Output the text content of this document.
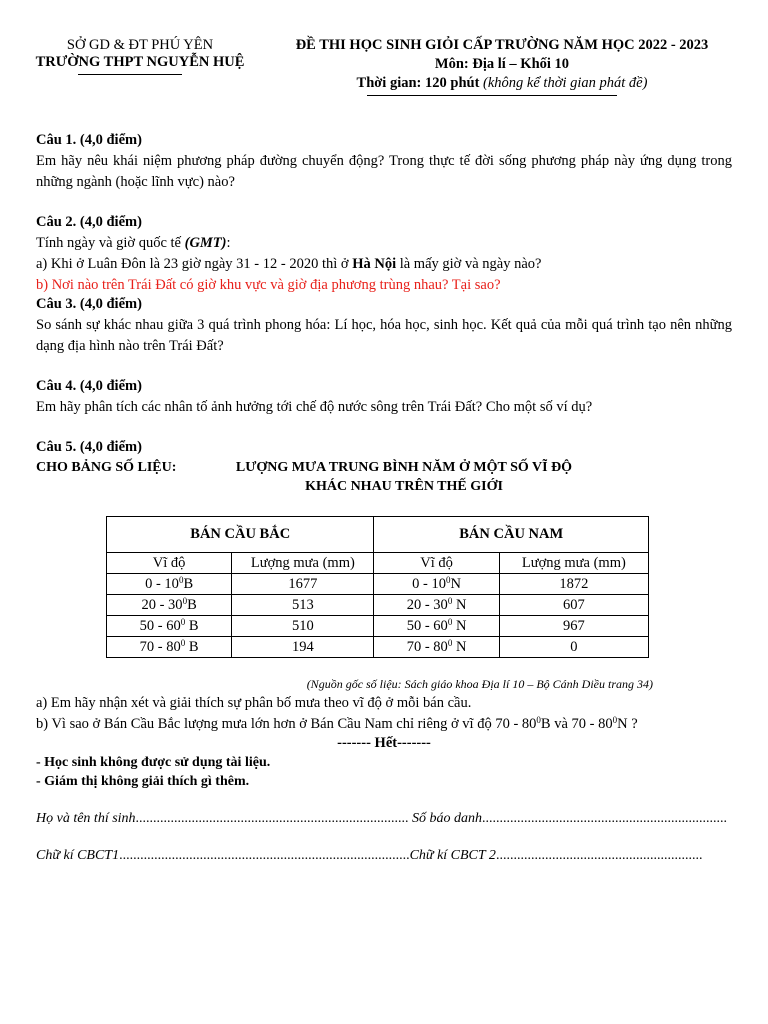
SỞ GD & ĐT PHÚ YÊN

TRƯỜNG THPT NGUYỄN HUỆ

ĐỀ THI HỌC SINH GIỎI CẤP TRƯỜNG NĂM HỌC 2022 - 2023
Môn: Địa lí – Khối 10
Thời gian: 120 phút (không kể thời gian phát đề)

Câu 1. (4,0 điểm)

Em hãy nêu khái niệm phương pháp đường chuyển động? Trong thực tế đời sống phương pháp này ứng dụng trong những ngành (hoặc lĩnh vực) nào?

Câu 2. (4,0 điểm)

Tính ngày và giờ quốc tế (GMT):

a) Khi ở Luân Đôn là 23 giờ ngày 31 - 12 - 2020 thì ở Hà Nội là mấy giờ và ngày nào?

b) Nơi nào trên Trái Đất có giờ khu vực và giờ địa phương trùng nhau? Tại sao?

Câu 3. (4,0 điểm)

So sánh sự khác nhau giữa 3 quá trình phong hóa: Lí học, hóa học, sinh học. Kết quả của mỗi quá trình tạo nên những dạng địa hình nào trên Trái Đất?

Câu 4. (4,0 điểm)

Em hãy phân tích các nhân tố ảnh hưởng tới chế độ nước sông trên Trái Đất? Cho một số ví dụ?

Câu 5. (4,0 điểm)
CHO BẢNG SỐ LIỆU:	LƯỢNG MƯA TRUNG BÌNH NĂM Ở MỘT SỐ VĨ ĐỘ
KHÁC NHAU TRÊN THẾ GIỚI
BÁN CẦU BẮC		BÁN CẦU NAM	
Vĩ độ	Lượng mưa (mm)	Vĩ độ	Lượng mưa (mm)
$0 - 10^0B$	1677	$0 - 10^0N$	1872
$20 - 30^0B$	513	$20 - 30^0$ N	607
$50 - 60^0$ B	510	$50 - 60^0$ N	967
$70 - 80^0$ B	194	$70 - 80^0$ N	0
(Nguồn gốc số liệu: Sách giáo khoa Địa lí 10 – Bộ Cánh Diều trang 34)

a) Em hãy nhận xét và giải thích sự phân bố mưa theo vĩ độ ở mỗi bán cầu.

b) Vì sao ở Bán Cầu Bắc lượng mưa lớn hơn ở Bán Cầu Nam chỉ riêng ở vĩ độ $70 - 80^0B$ và $70 - 80^0N$ ?

------- Hết-------
- Học sinh không được sử dụng tài liệu.
- Giám thị không giải thích gì thêm.
Họ và tên thí sinh.............................................................................. Số báo danh......................................................................
Chữ kí CBCT1...................................................................................Chữ kí CBCT 2...........................................................
